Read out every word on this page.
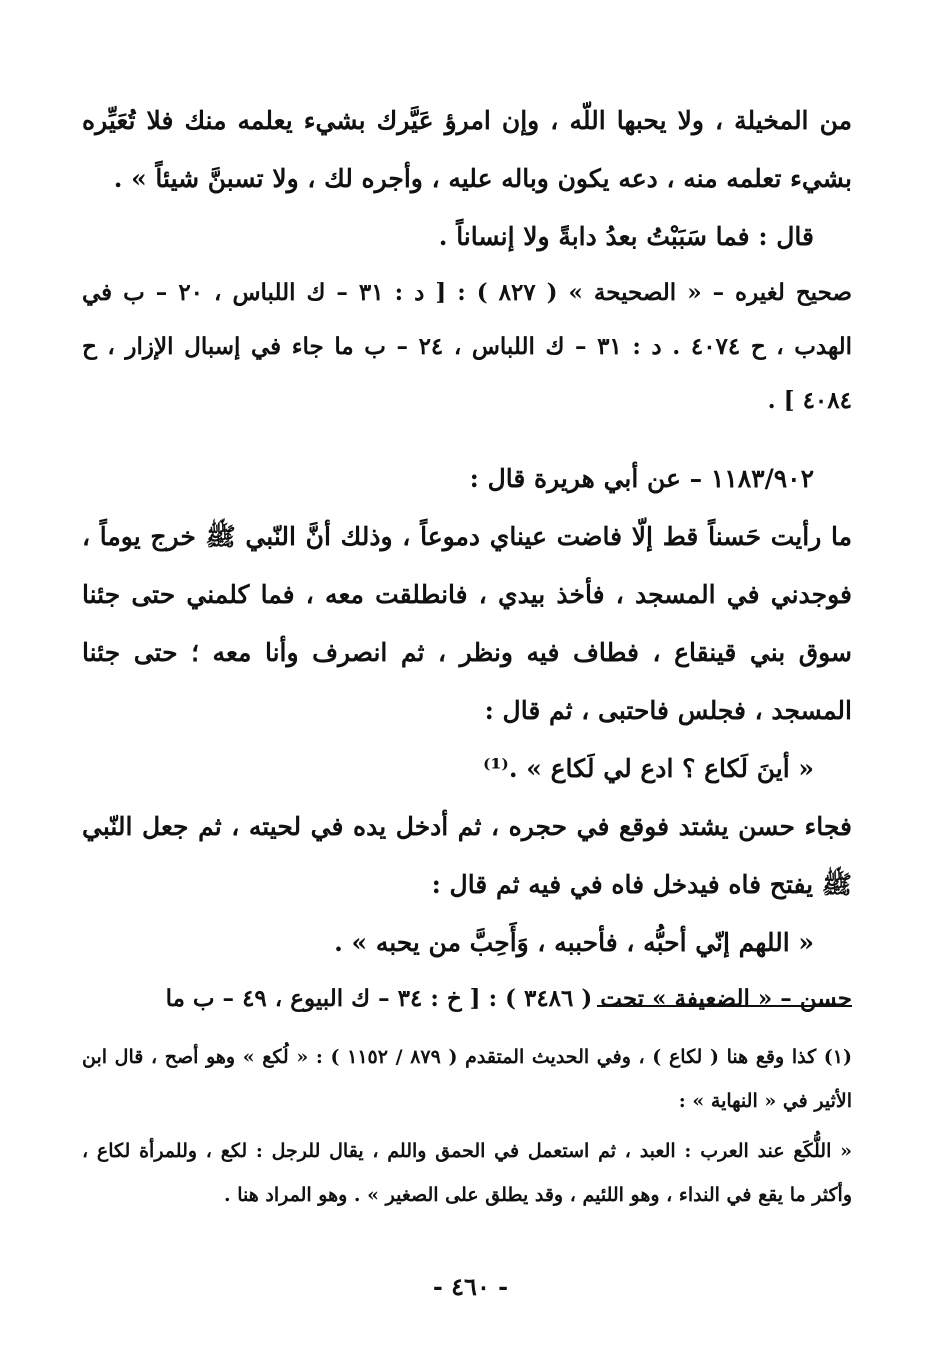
من المخيلة ، ولا يحبها اللّه ، وإن امرؤ عَيَّرك بشيء يعلمه منك فلا تُعَيِّره بشيء تعلمه منه ، دعه يكون وباله عليه ، وأجره لك ، ولا تسبنَّ شيئاً » .

قال : فما سَبَبْتُ بعدُ دابةً ولا إنساناً .

صحيح لغيره – « الصحيحة » ( ٨٢٧ ) : [ د : ٣١ – ك اللباس ، ٢٠ – ب في الهدب ، ح ٤٠٧٤ . د : ٣١ – ك اللباس ، ٢٤ – ب ما جاء في إسبال الإزار ، ح ٤٠٨٤ ] .

١١٨٣/٩٠٢ – عن أبي هريرة قال :

ما رأيت حَسناً قط إلّا فاضت عيناي دموعاً ، وذلك أنَّ النّبي ﷺ خرج يوماً ، فوجدني في المسجد ، فأخذ بيدي ، فانطلقت معه ، فما كلمني حتى جئنا سوق بني قينقاع ، فطاف فيه ونظر ، ثم انصرف وأنا معه ؛ حتى جئنا المسجد ، فجلس فاحتبى ، ثم قال :

« أينَ لَكاع ؟ ادع لي لَكاع » .⁽¹⁾

فجاء حسن يشتد فوقع في حجره ، ثم أدخل يده في لحيته ، ثم جعل النّبي ﷺ يفتح فاه فيدخل فاه في فيه ثم قال :

« اللهم إنّي أحبُّه ، فأحببه ، وَأَحِبَّ من يحبه » .

حسن – « الضعيفة » تحت ( ٣٤٨٦ ) : [ خ : ٣٤ – ك البيوع ، ٤٩ – ب ما

(١) كذا وقع هنا ( لكاع ) ، وفي الحديث المتقدم ( ٨٧٩ / ١١٥٢ ) : « لُكع » وهو أصح ، قال ابن الأثير في « النهاية » :

« اللُّكَع عند العرب : العبد ، ثم استعمل في الحمق واللم ، يقال للرجل : لكع ، وللمرأة لكاع ، وأكثر ما يقع في النداء ، وهو اللئيم ، وقد يطلق على الصغير » . وهو المراد هنا .

- ٤٦٠ -
